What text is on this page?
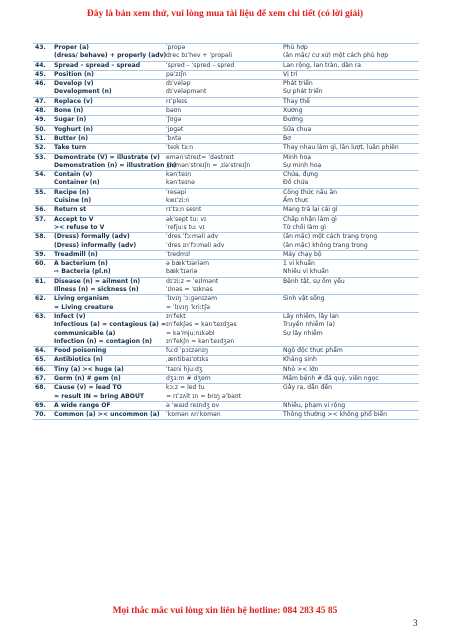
Đây là bản xem thử, vui lòng mua tài liệu để xem chi tiết (có lời giải)
43.	Proper (a)	ˈpropə	Phù hợp
	(dress/ behave) + properly (adv)	drес bɪˈhev + ˈpropəli	(ăn mặc/ cư xử) một cách phù hợp
44.	Spread – spread – spread	ˈspred – ˈspred – spred	Lan rộng, lan tràn, dàn ra
45.	Position (n)	pəˈzɪʃn	Vị trí
46.	Develop (v)	dɪˈveləp	Phát triển
	Development (n)	dɪˈveləpmənt	Sự phát triển
47.	Replace (v)	rɪˈpleɪs	Thay thế
48.	Bone (n)	bəʊn	Xương
49.	Sugar (n)	ˈʃʊɡə	Đường
50.	Yoghurt (n)	ˈjɒɡət	Sữa chua
51.	Butter (n)	ˈbʌtə	Bơ
52.	Take turn	ˈteɪk tɜːn	Thay nhau làm gì, lần lượt, luân phiên
53.	Demontrate (V) = illustrate (v)	emənˈstreɪt= ˈdəstreɪt	Minh hoạ
	Demonstration (n) = illustration (n)	ˌdemənˈstreɪʃn = ˌɪləˈstreɪʃn	Sự minh hoạ
54.	Contain (v)	kənˈteɪn	Chứa, đựng
	Container (n)	kənˈteɪnə	Đồ chứa
55.	Recipe (n)	ˈresəpi	Công thức nấu ăn
	Cuisine (n)	kwɪˈziːn	Ẩm thực
56.	Return st	rɪˈtɜːn seɪnt	Mang trả lại cái gì
57.	Accept to V	əkˈsept tuː vɪ	Chấp nhận làm gì
	>< refuse to V	ˈrefjuːs tuː vɪ	Từ chối làm gì
58.	(Dress) formally (adv)	ˈdres ˈfɔːməli adv	(ăn mặc) một cách trang trọng
	(Dress) informally (adv)	ˈdres ɪnˈfɔːməli adv	(ăn mặc) không trang trọng
59.	Treadmill (n)	ˈtredmɪl	Máy chạy bộ
60.	A bacterium (n)	ə bækˈtɪəriəm	1 vi khuẩn
	⇨ Bacteria (pl.n)	bækˈtɪəriə	Nhiều vi khuẩn
61.	Disease (n) = ailment (n)	dɪˈziːz = ˈeɪlmənt	Bệnh tật, sự ốm yếu
	Illness (n) = sickness (n)	ˈɪlnəs = ˈsɪknəs	
62.	Living organism	ˈlɪvɪŋ ˈɔːɡənɪzəm	Sinh vật sống
	= Living creature	= ˈlɪvɪŋ ˈkriːtʃə	
63.	Infect (v)	ɪnˈfekt	Lây nhiễm, lây lan
	Infectious (a) = contagious (a) =	ɪnˈfekʃəs = kənˈteɪdʒəs	Truyền nhiễm (a)
	communicable (a)	= kəˈmjuːnɪkəbl	Sự lây nhiễm
	Infection (n) = contagion (n)	ɪnˈfekʃn = kənˈteɪdʒən	
64.	Food poisoning	fuːd ˈpɔɪzənɪŋ	Ngộ độc thực phẩm
65.	Antibiotics (n)	ˌæntibaɪˈɒtɪks	Kháng sinh
66.	Tiny (a) >< huge (a)	ˈtaɪni hjuːdʒ	Nhỏ >< lớn
67.	Germ (n) # gem (n)	dʒɜːm # dʒem	Mầm bệnh # đá quý, viên ngọc
68.	Cause (v) = lead TO	kɔːz = led tu	Gây ra, dẫn đến
	= result IN = bring ABOUT	= rɪˈzʌlt ɪn = brɪŋ əˈbaʊt	
69.	A wide range OF	ə ˈwaɪd reɪndʒ ɒv	Nhiều, phạm vi rộng
70.	Common (a) >< uncommon (a)	ˈkɒmən ʌnˈkɒmən	Thông thường >< không phổ biến
Mọi thắc mắc vui lòng xin liên hệ hotline: 084 283 45 85
3
